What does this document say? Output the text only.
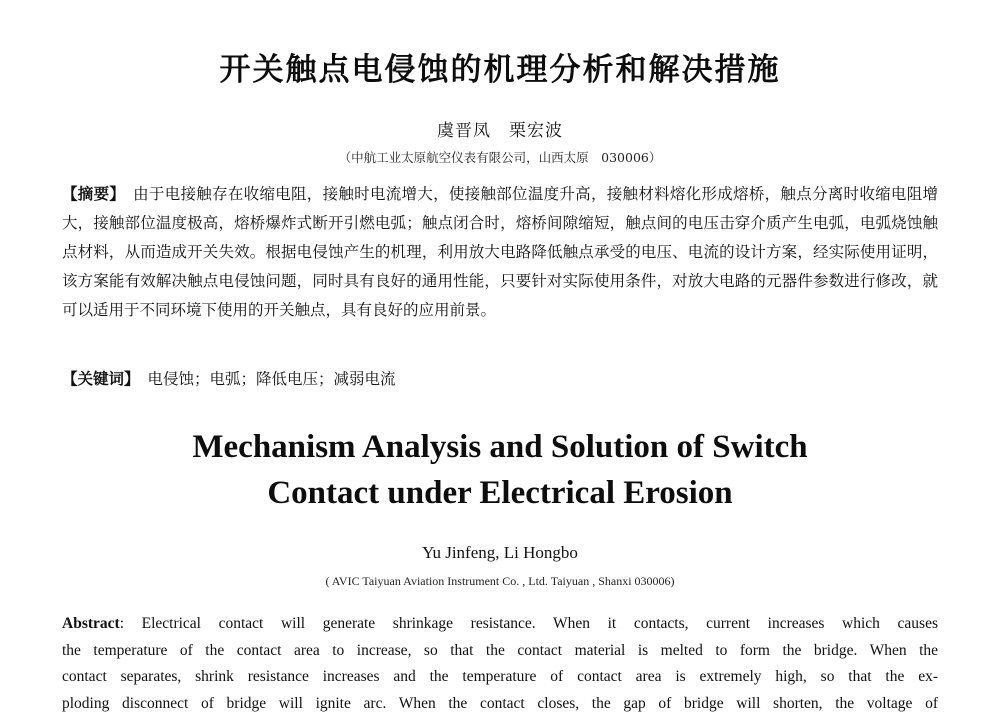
开关触点电侵蚀的机理分析和解决措施
虞晋凤 栗宏波
（中航工业太原航空仪表有限公司，山西太原　030006）
【摘要】 由于电接触存在收缩电阻，接触时电流增大，使接触部位温度升高，接触材料熔化形成熔桥，触点分离时收缩电阻增大，接触部位温度极高，熔桥爆炸式断开引燃电弧；触点闭合时，熔桥间隙缩短，触点间的电压击穿介质产生电弧，电弧烧蚀触点材料，从而造成开关失效。根据电侵蚀产生的机理，利用放大电路降低触点承受的电压、电流的设计方案，经实际使用证明，该方案能有效解决触点电侵蚀问题，同时具有良好的通用性能，只要针对实际使用条件，对放大电路的元器件参数进行修改，就可以适用于不同环境下使用的开关触点，具有良好的应用前景。
【关键词】 电侵蚀；电弧；降低电压；减弱电流
Mechanism Analysis and Solution of Switch
Contact under Electrical Erosion
Yu Jinfeng, Li Hongbo
( AVIC Taiyuan Aviation Instrument Co. , Ltd. Taiyuan , Shanxi 030006)
Abstract: Electrical contact will generate shrinkage resistance. When it contacts, current increases which causes
the temperature of the contact area to increase, so that the contact material is melted to form the bridge. When the
contact separates, shrink resistance increases and the temperature of contact area is extremely high, so that the ex-
ploding disconnect of bridge will ignite arc. When the contact closes, the gap of bridge will shorten, the voltage of
